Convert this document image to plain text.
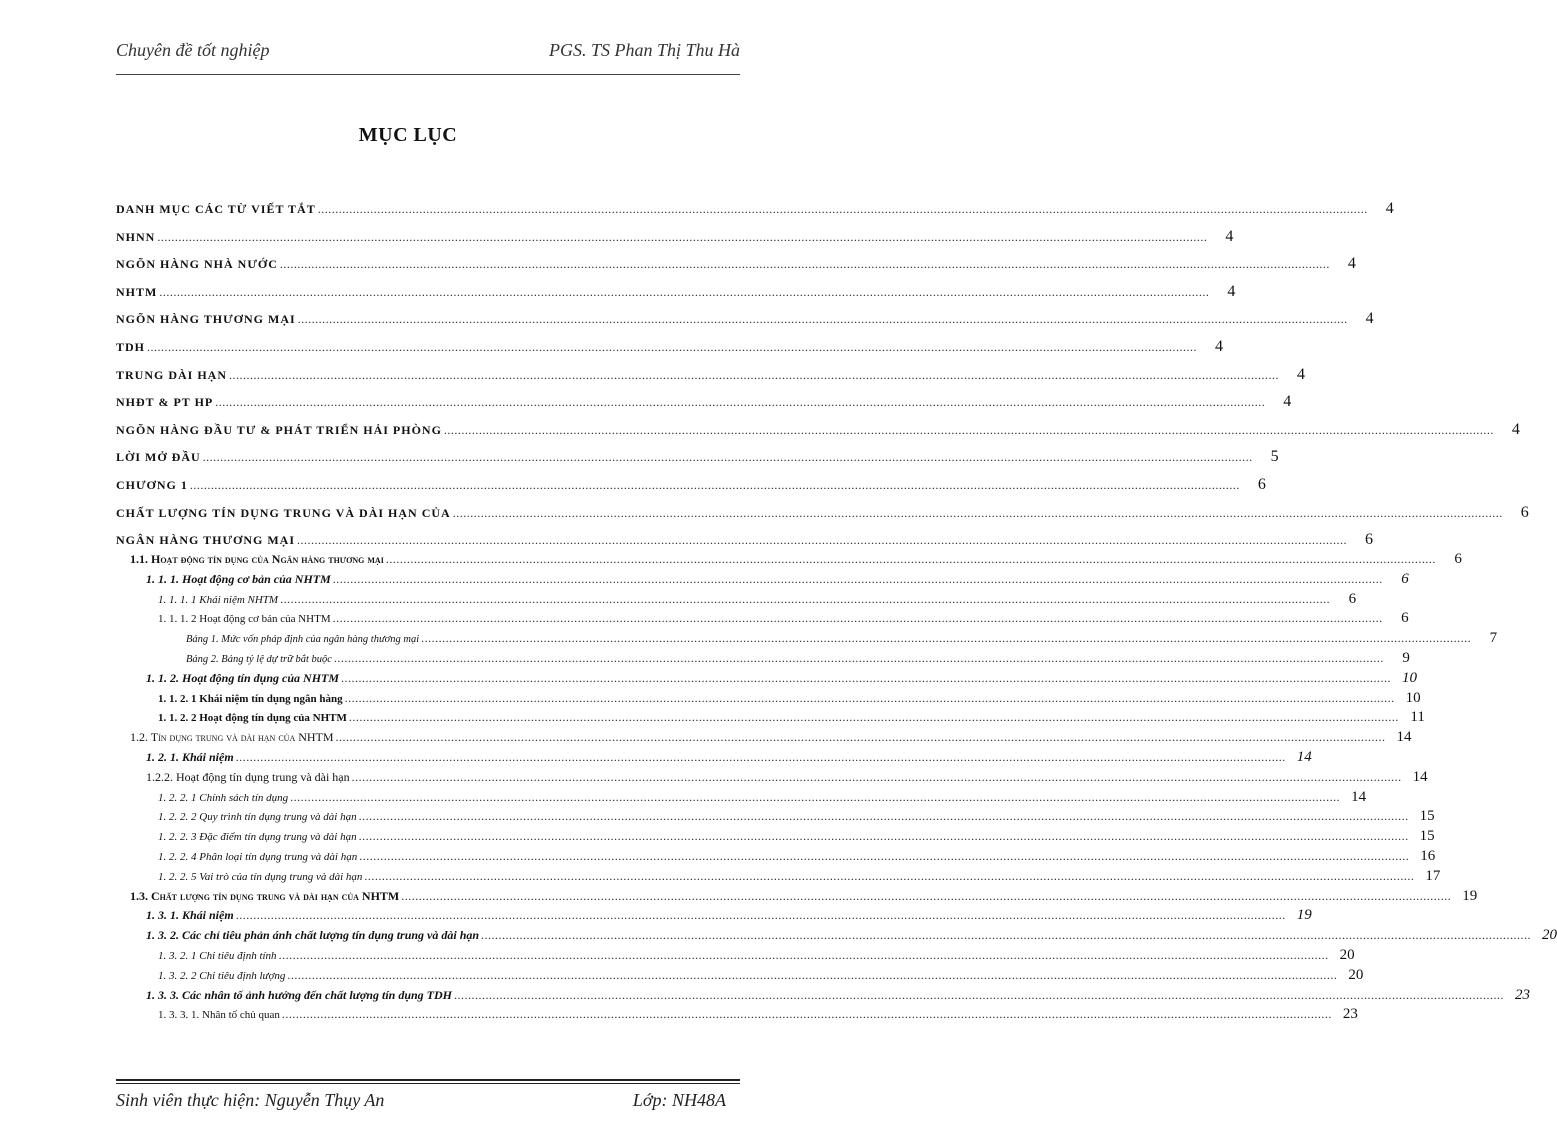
Chuyên đề tốt nghiệp	PGS. TS Phan Thị Thu Hà
MỤC LỤC
DANH MỤC CÁC TỪ VIẾT TẮT ............................................................................................................................................................................................................................................................................................................	4
NHNN ............................................................................................................................................................................................................................................................................................................	4
NGÕN HÀNG NHÀ NƯỚC ............................................................................................................................................................................................................................................................................................................	4
NHTM ............................................................................................................................................................................................................................................................................................................	4
NGÕN HÀNG THƯƠNG MẠI ............................................................................................................................................................................................................................................................................................................	4
TDH ............................................................................................................................................................................................................................................................................................................	4
TRUNG DÀI HẠN ............................................................................................................................................................................................................................................................................................................	4
NHĐT & PT HP ............................................................................................................................................................................................................................................................................................................	4
NGÕN HÀNG ĐẦU TƯ & PHÁT TRIỂN HẢI PHÒNG ............................................................................................................................................................................................................................................................................................................	4
LỜI MỞ ĐẦU ............................................................................................................................................................................................................................................................................................................	5
CHƯƠNG 1 ............................................................................................................................................................................................................................................................................................................	6
CHẤT LƯỢNG TÍN DỤNG TRUNG VÀ DÀI HẠN CỦA ............................................................................................................................................................................................................................................................................................................	6
NGÂN HÀNG THƯƠNG MẠI ............................................................................................................................................................................................................................................................................................................	6
1.1. Hoạt động tín dụng của Ngân hàng thương mại ............................................................................................................................................................................................................................................................................................................	6
1. 1. 1. Hoạt động cơ bản của NHTM ............................................................................................................................................................................................................................................................................................................	6
1. 1. 1. 1 Khái niệm NHTM ............................................................................................................................................................................................................................................................................................................	6
1. 1. 1. 2 Hoạt động cơ bản của NHTM ............................................................................................................................................................................................................................................................................................................	6
Bảng 1. Mức vốn pháp định của ngân hàng thương mại ............................................................................................................................................................................................................................................................................................................	7
Bảng 2. Bảng tỷ lệ dự trữ bắt buộc ............................................................................................................................................................................................................................................................................................................	9
1. 1. 2. Hoạt động tín dụng của NHTM ............................................................................................................................................................................................................................................................................................................ 10
1. 1. 2. 1 Khái niệm tín dụng ngân hàng ............................................................................................................................................................................................................................................................................................................ 10
1. 1. 2. 2 Hoạt động tín dụng của NHTM ............................................................................................................................................................................................................................................................................................................ 11
1.2. Tín dụng trung và dài hạn của NHTM ............................................................................................................................................................................................................................................................................................................ 14
1. 2. 1. Khái niệm ............................................................................................................................................................................................................................................................................................................ 14
1.2.2. Hoạt động tín dụng trung và dài hạn ............................................................................................................................................................................................................................................................................................................ 14
1. 2. 2. 1 Chính sách tín dụng ............................................................................................................................................................................................................................................................................................................ 14
1. 2. 2. 2 Quy trình tín dụng trung và dài hạn ............................................................................................................................................................................................................................................................................................................ 15
1. 2. 2. 3 Đặc điểm tín dụng trung và dài hạn ............................................................................................................................................................................................................................................................................................................ 15
1. 2. 2. 4 Phân loại tín dụng trung và dài hạn ............................................................................................................................................................................................................................................................................................................ 16
1. 2. 2. 5 Vai trò của tín dụng trung và dài hạn ............................................................................................................................................................................................................................................................................................................ 17
1.3. Chất lượng tín dụng trung và dài hạn của NHTM ............................................................................................................................................................................................................................................................................................................ 19
1. 3. 1. Khái niệm ............................................................................................................................................................................................................................................................................................................ 19
1. 3. 2. Các chỉ tiêu phản ánh chất lượng tín dụng trung và dài hạn ............................................................................................................................................................................................................................................................................................................ 20
1. 3. 2. 1 Chỉ tiêu định tính ............................................................................................................................................................................................................................................................................................................ 20
1. 3. 2. 2 Chỉ tiêu định lượng ............................................................................................................................................................................................................................................................................................................ 20
1. 3. 3. Các nhân tố ảnh hưởng đến chất lượng tín dụng TDH ............................................................................................................................................................................................................................................................................................................ 23
1. 3. 3. 1. Nhân tố chủ quan ............................................................................................................................................................................................................................................................................................................ 23
Sinh viên thực hiện: Nguyễn Thụy An	Lớp: NH48A
